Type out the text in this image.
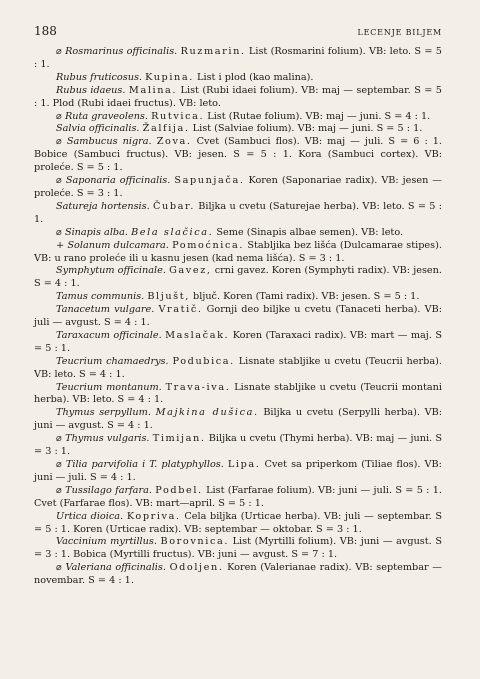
188	LECENJE BILJEM

⌀ Rosmarinus officinalis. Ruzmarin. List (Rosmarini folium). VB: leto. S = 5 : 1.

Rubus fruticosus. Kupina. List i plod (kao malina).

Rubus idaeus. Malina. List (Rubi idaei folium). VB: maj — septembar. S = 5 : 1. Plod (Rubi idaei fructus). VB: leto.

⌀ Ruta graveolens. Rutvica. List (Rutae folium). VB: maj — juni. S = 4 : 1.

Salvia officinalis. Žalfija. List (Salviae folium). VB: maj — juni. S = 5 : 1.

⌀ Sambucus nigra. Zova. Cvet (Sambuci flos). VB: maj — juli. S = 6 : 1. Bobice (Sambuci fructus). VB: jesen. S = 5 : 1. Kora (Sambuci cortex). VB: proleće. S = 5 : 1.

⌀ Saponaria officinalis. Sapunjača. Koren (Saponariae radix). VB: jesen — proleće. S = 3 : 1.

Satureja hortensis. Čubar. Biljka u cvetu (Saturejae herba). VB: leto. S = 5 : 1.

⌀ Sinapis alba. Bela slačica. Seme (Sinapis albae semen). VB: leto.

+ Solanum dulcamara. Pomoćnica. Stabljika bez lišća (Dulcamarae stipes). VB: u rano proleće ili u kasnu jesen (kad nema lišća). S = 3 : 1.

Symphytum officinale. Gavez, crni gavez. Koren (Symphyti radix). VB: jesen. S = 4 : 1.

Tamus communis. Bljušt, bljuč. Koren (Tami radix). VB: jesen. S = 5 : 1.

Tanacetum vulgare. Vratič. Gornji deo biljke u cvetu (Tanaceti herba). VB: juli — avgust. S = 4 : 1.

Taraxacum officinale. Maslačak. Koren (Taraxaci radix). VB: mart — maj. S = 5 : 1.

Teucrium chamaedrys. Podubica. Lisnate stabljike u cvetu (Teucrii herba). VB: leto. S = 4 : 1.

Teucrium montanum. Trava-iva. Lisnate stabljike u cvetu (Teucrii montani herba). VB: leto. S = 4 : 1.

Thymus serpyllum. Majkina dušica. Biljka u cvetu (Serpylli herba). VB: juni — avgust. S = 4 : 1.

⌀ Thymus vulgaris. Timijan. Biljka u cvetu (Thymi herba). VB: maj — juni. S = 3 : 1.

⌀ Tilia parvifolia i T. platyphyllos. Lipa. Cvet sa priperkom (Tiliae flos). VB: juni — juli. S = 4 : 1.

⌀ Tussilago farfara. Podbel. List (Farfarae folium). VB: juni — juli. S = 5 : 1. Cvet (Farfarae flos). VB: mart—april. S = 5 : 1.

Urtica dioica. Kopriva. Cela biljka (Urticae herba). VB: juli — septembar. S = 5 : 1. Koren (Urticae radix). VB: septembar — oktobar. S = 3 : 1.

Vaccinium myrtillus. Borovnica. List (Myrtilli folium). VB: juni — avgust. S = 3 : 1. Bobica (Myrtilli fructus). VB: juni — avgust. S = 7 : 1.

⌀ Valeriana officinalis. Odoljen. Koren (Valerianae radix). VB: septembar — novembar. S = 4 : 1.
